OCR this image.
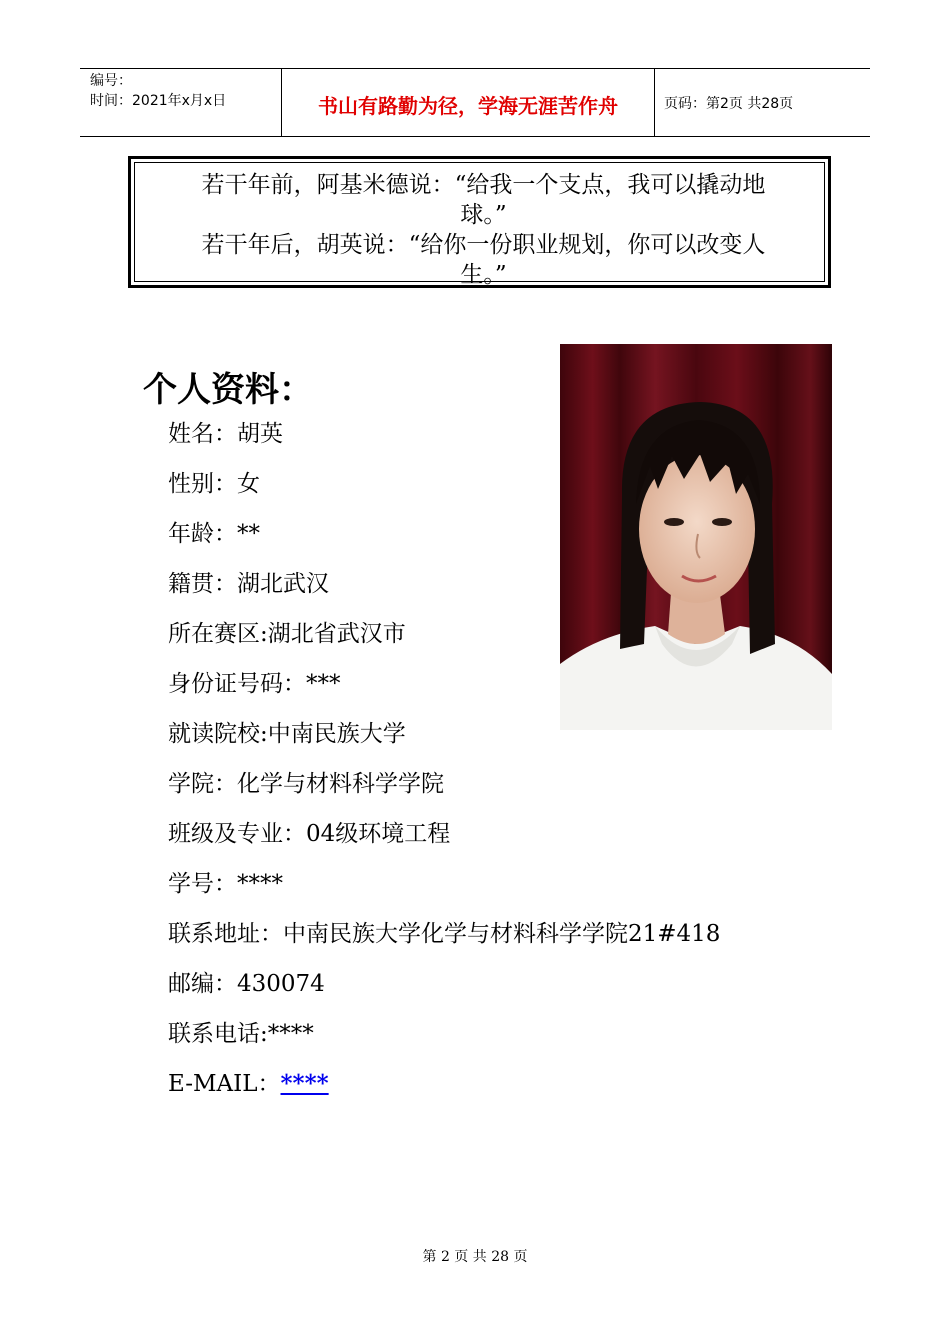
编号：
时间：2021年x月x日	书山有路勤为径，学海无涯苦作舟	页码：第2页 共28页
若干年前，阿基米德说：“给我一个支点，我可以撬动地
球。”
若干年后，胡英说：“给你一份职业规划，你可以改变人
生。”
个人资料：
姓名：胡英
性别：女
年龄：**
籍贯：湖北武汉
所在赛区:湖北省武汉市
身份证号码：***
就读院校:中南民族大学
学院：化学与材料科学学院
班级及专业：04级环境工程
学号：****
联系地址：中南民族大学化学与材料科学学院21#418
邮编：430074
联系电话:****
E-MAIL：****
第 2 页 共 28 页
